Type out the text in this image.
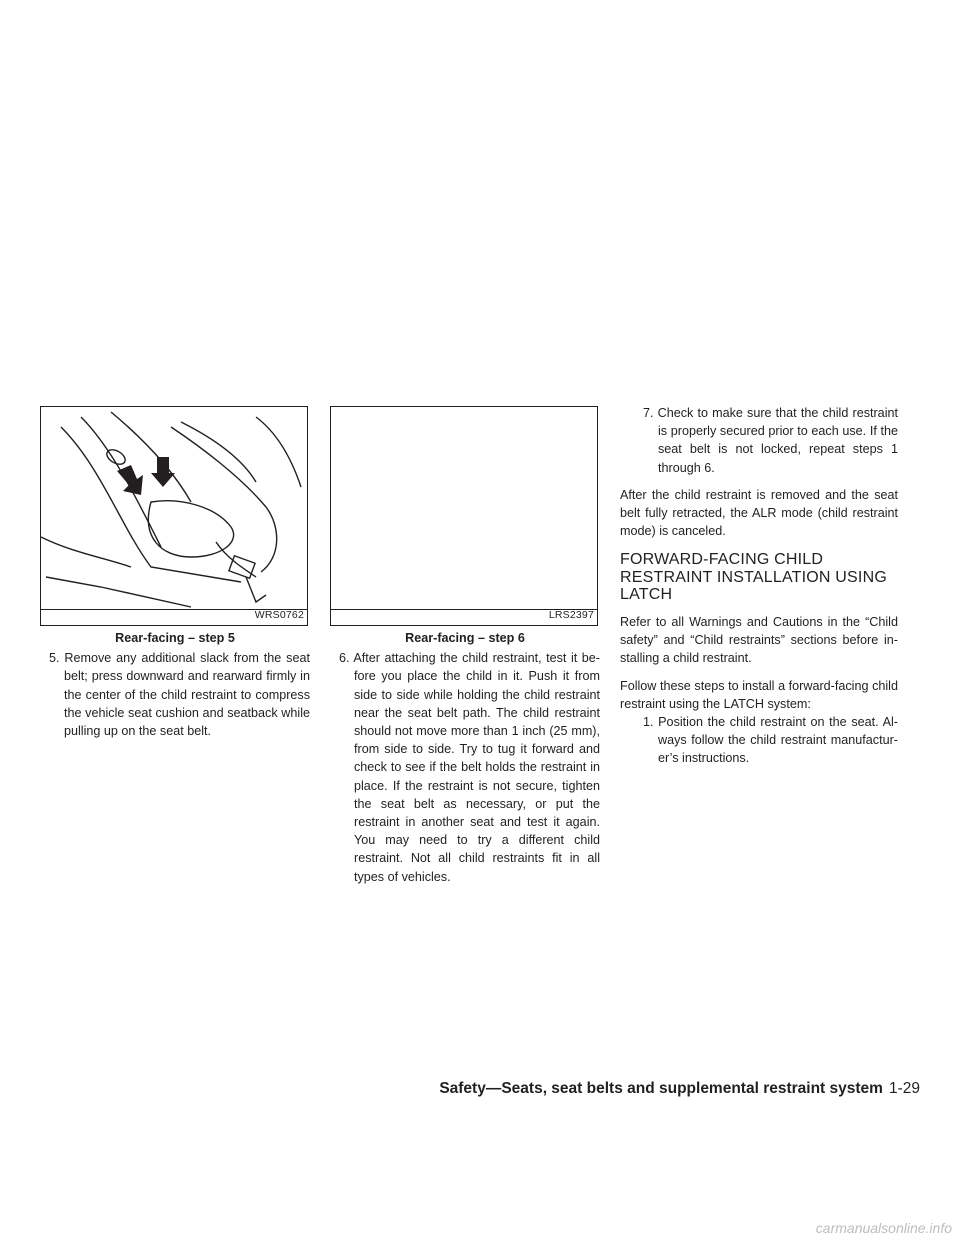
WRS0762
Rear-facing – step 5

5. Remove any additional slack from the seat belt; press downward and rearward firmly in the center of the child restraint to compress the vehicle seat cushion and seatback while pulling up on the seat belt.

LRS2397
Rear-facing – step 6

6. After attaching the child restraint, test it be-fore you place the child in it. Push it from side to side while holding the child restraint near the seat belt path. The child restraint should not move more than 1 inch (25 mm), from side to side. Try to tug it forward and check to see if the belt holds the restraint in place. If the restraint is not secure, tighten the seat belt as necessary, or put the restraint in another seat and test it again. You may need to try a different child restraint. Not all child restraints fit in all types of vehicles.

7. Check to make sure that the child restraint is properly secured prior to each use. If the seat belt is not locked, repeat steps 1 through 6.

After the child restraint is removed and the seat belt fully retracted, the ALR mode (child restraint mode) is canceled.

FORWARD-FACING CHILD RESTRAINT INSTALLATION USING LATCH

Refer to all Warnings and Cautions in the “Child safety” and “Child restraints” sections before in-stalling a child restraint.

Follow these steps to install a forward-facing child restraint using the LATCH system:

1. Position the child restraint on the seat. Al-ways follow the child restraint manufactur-er’s instructions.

Safety—Seats, seat belts and supplemental restraint system 1-29
carmanualsonline.info
